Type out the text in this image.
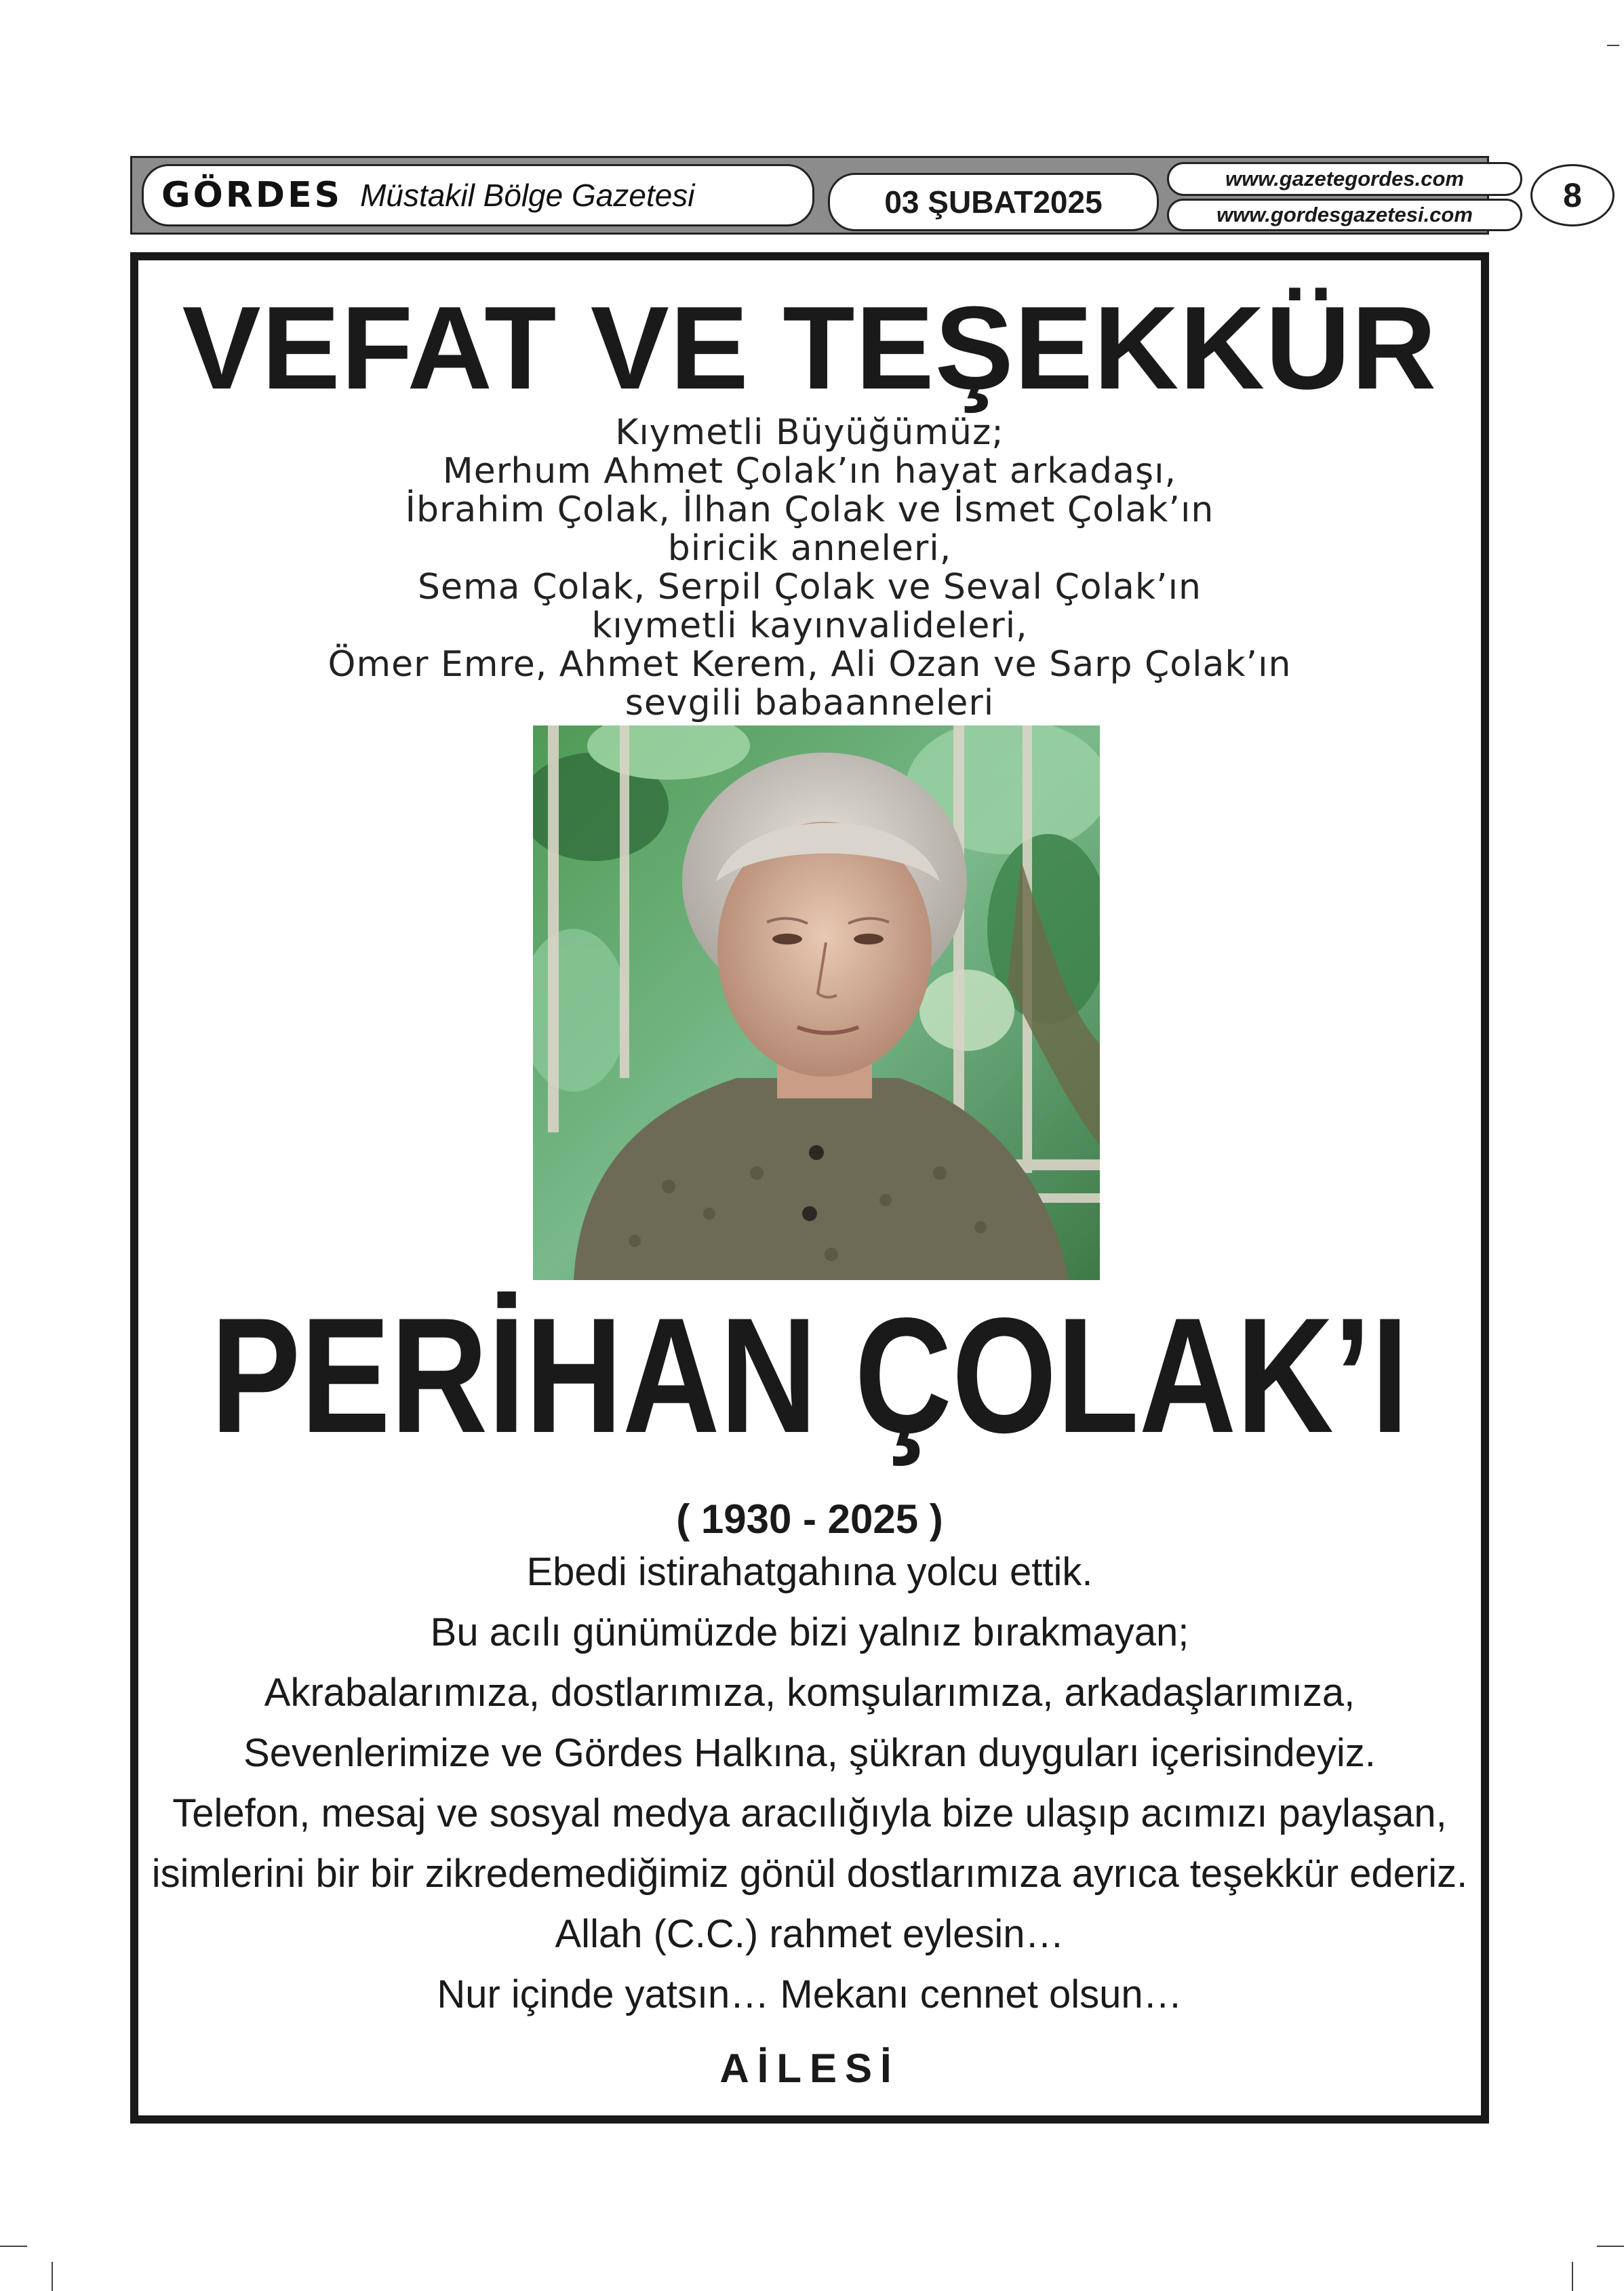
GÖRDES Müstakil Bölge Gazetesi	03 ŞUBAT2025
www.gazetegordes.com
www.gordesgazetesi.com
8
VEFAT VE TEŞEKKÜR
Kıymetli Büyüğümüz;
Merhum Ahmet Çolak’ın hayat arkadaşı,
İbrahim Çolak, İlhan Çolak ve İsmet Çolak’ın
biricik anneleri,
Sema Çolak, Serpil Çolak ve Seval Çolak’ın
kıymetli kayınvalideleri,
Ömer Emre, Ahmet Kerem, Ali Ozan ve Sarp Çolak’ın
sevgili babaanneleri
PERİHAN ÇOLAK’I
( 1930 - 2025 )
Ebedi istirahatgahına yolcu ettik.
Bu acılı günümüzde bizi yalnız bırakmayan;
Akrabalarımıza, dostlarımıza, komşularımıza, arkadaşlarımıza,
Sevenlerimize ve Gördes Halkına, şükran duyguları içerisindeyiz.
Telefon, mesaj ve sosyal medya aracılığıyla bize ulaşıp acımızı paylaşan,
isimlerini bir bir zikredemediğimiz gönül dostlarımıza ayrıca teşekkür ederiz.
Allah (C.C.) rahmet eylesin…
Nur içinde yatsın… Mekanı cennet olsun…
AİLESİ
